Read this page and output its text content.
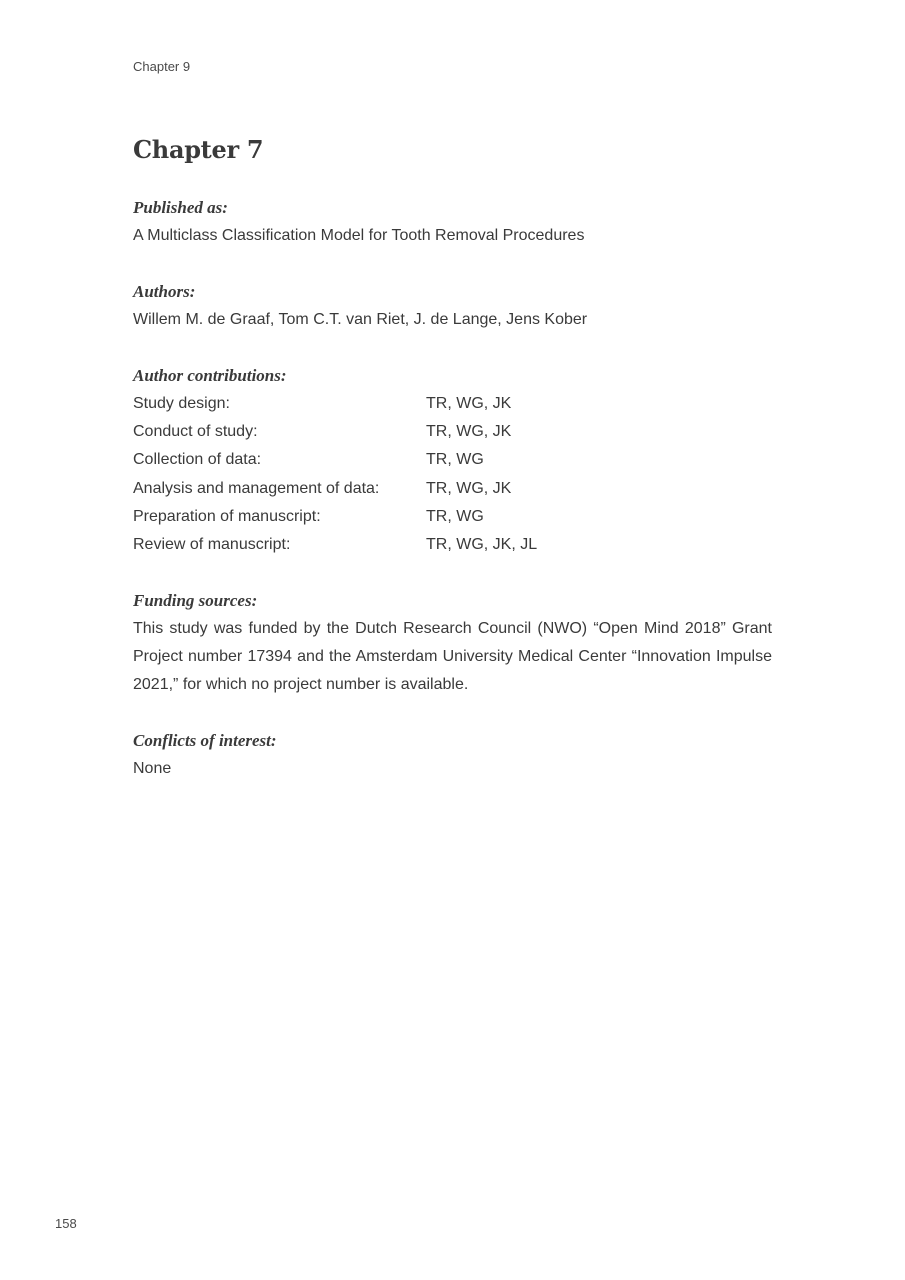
Chapter 9
Chapter 7
Published as:
A Multiclass Classification Model for Tooth Removal Procedures
Authors:
Willem M. de Graaf, Tom C.T. van Riet, J. de Lange, Jens Kober
Author contributions:
Study design:	TR, WG, JK
Conduct of study:	TR, WG, JK
Collection of data:	TR, WG
Analysis and management of data:	TR, WG, JK
Preparation of manuscript:	TR, WG
Review of manuscript:	TR, WG, JK, JL
Funding sources:
This study was funded by the Dutch Research Council (NWO) “Open Mind 2018” Grant Project number 17394 and the Amsterdam University Medical Center “Innovation Impulse 2021,” for which no project number is available.
Conflicts of interest:
None
158
